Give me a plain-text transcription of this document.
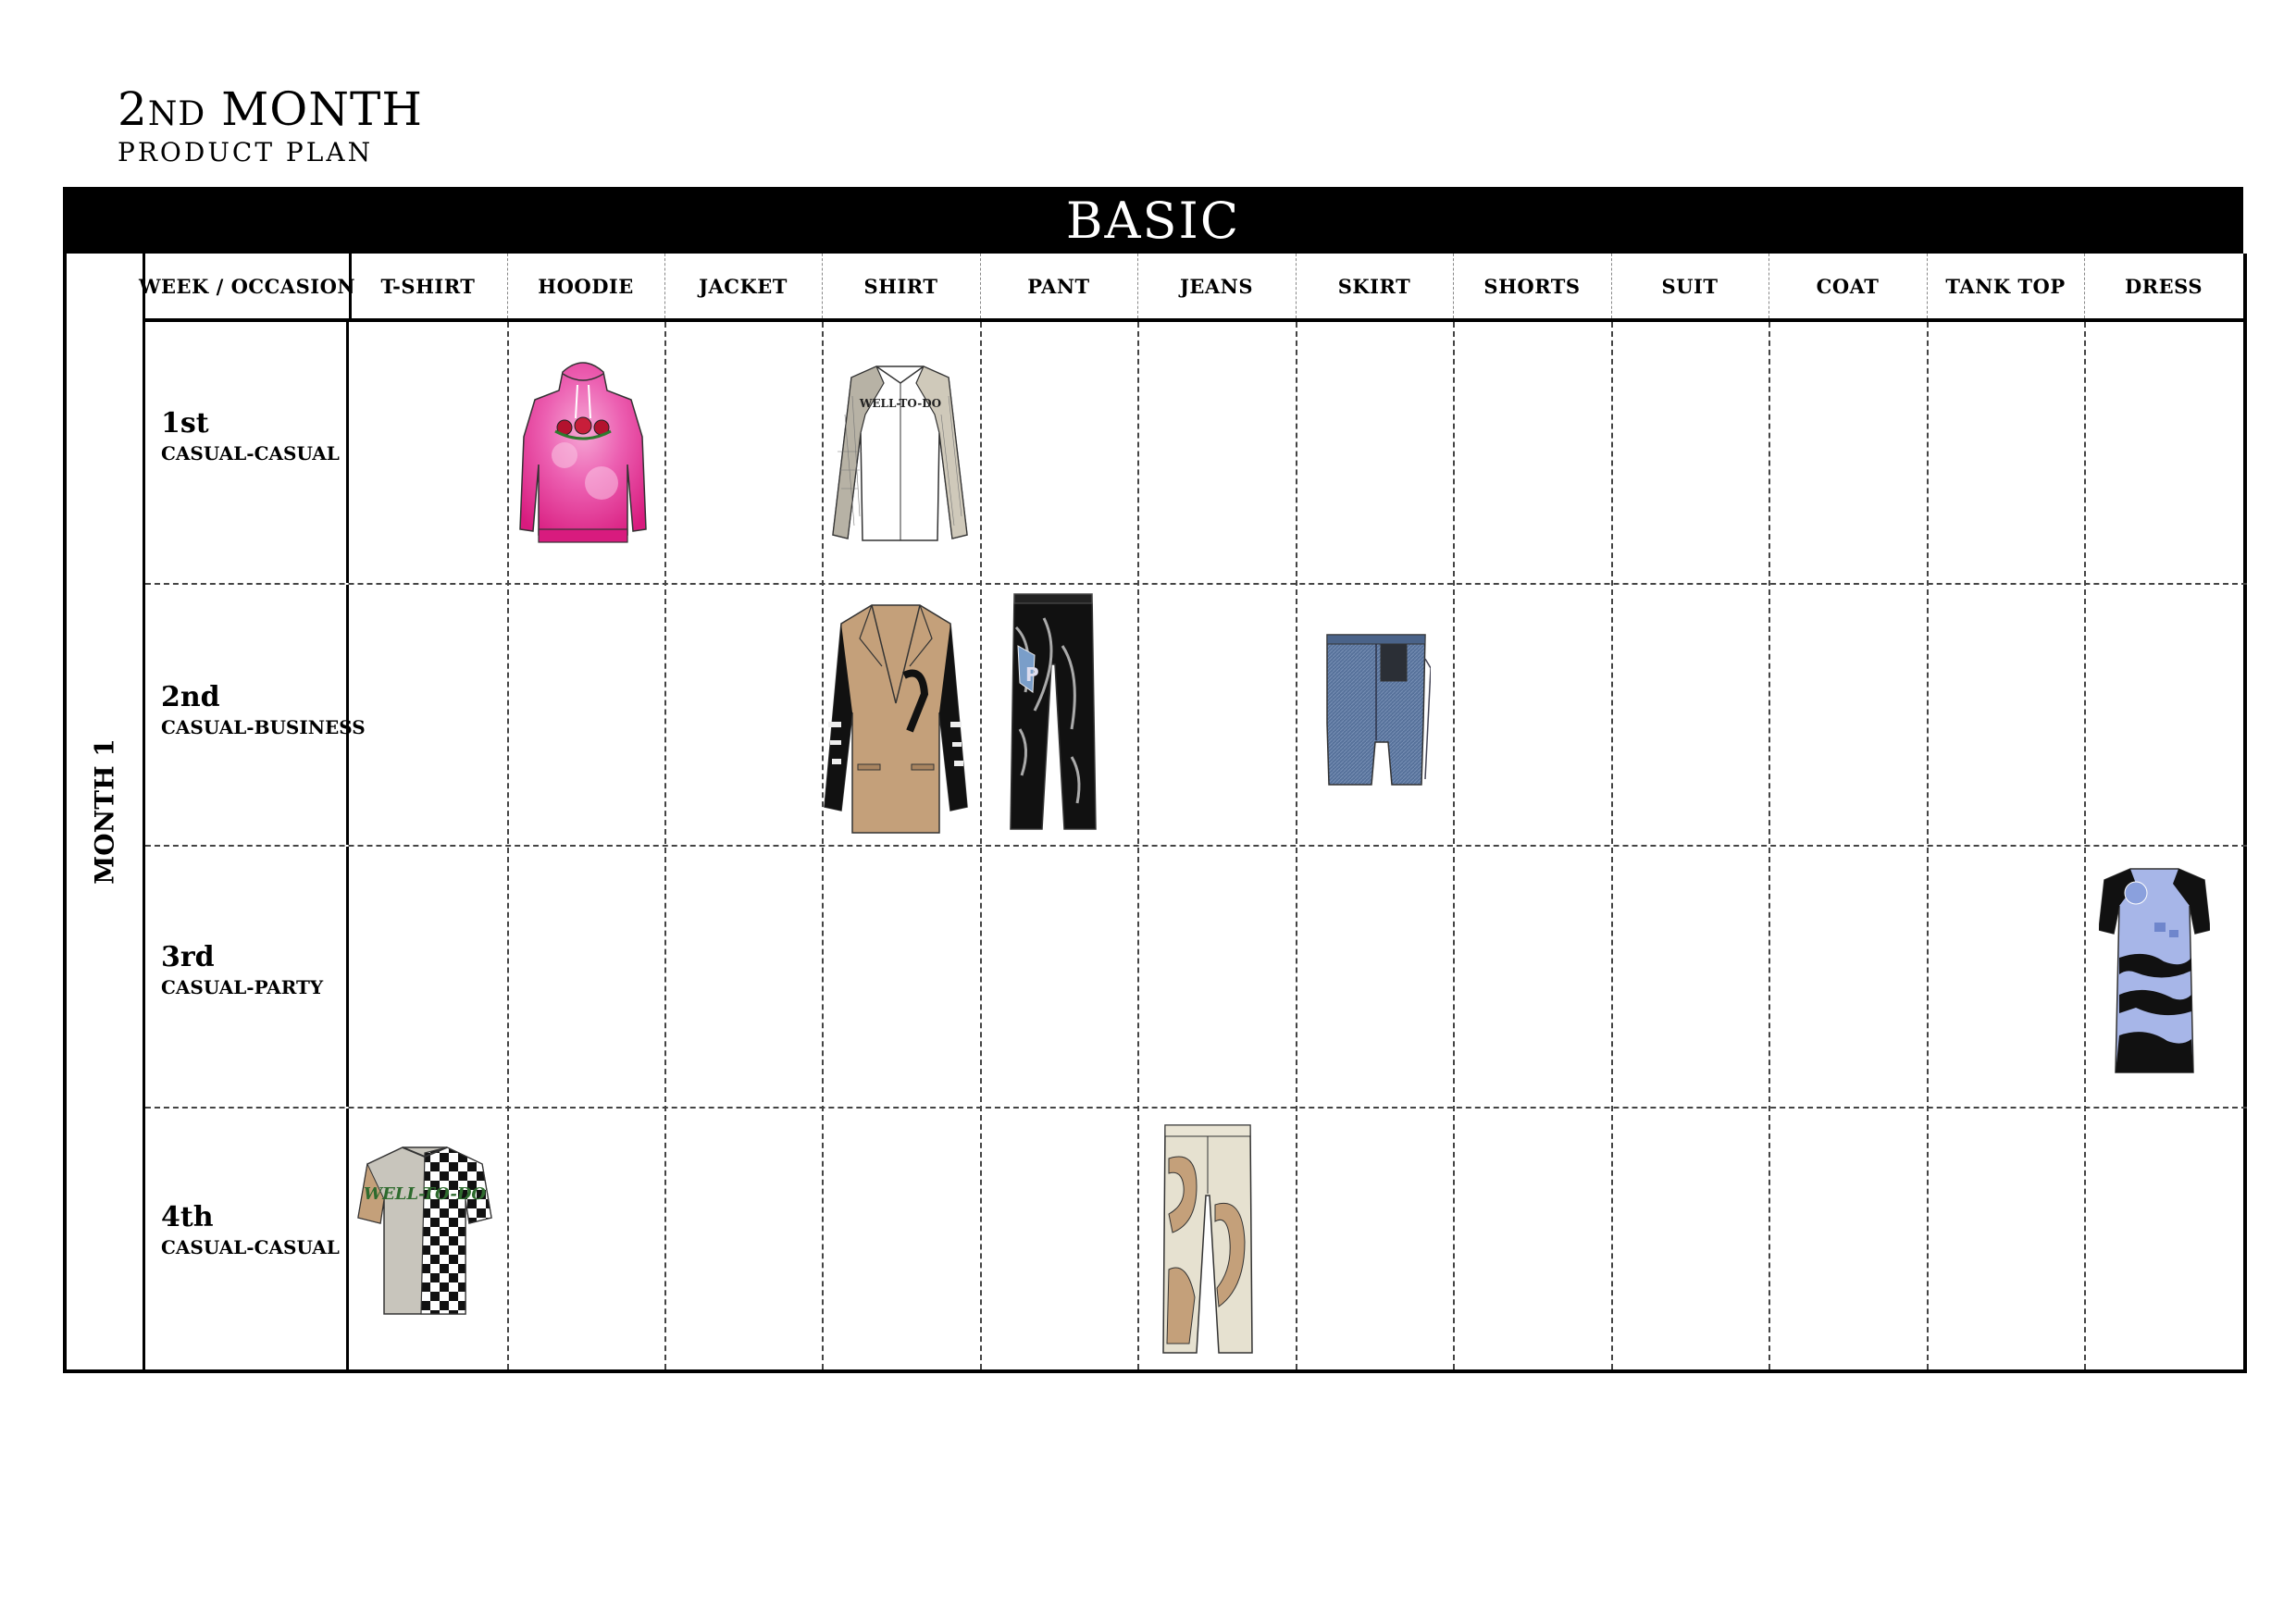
2ND MONTH
PRODUCT PLAN
BASIC
MONTH 1
WEEK / OCCASION	T-SHIRT	HOODIE	JACKET	SHIRT	PANT	JEANS	SKIRT	SHORTS	SUIT	COAT	TANK TOP	DRESS
1st
CASUAL-CASUAL
2nd
CASUAL-BUSINESS
3rd
CASUAL-PARTY
4th
CASUAL-CASUAL
WELL-TO-DO
P
WELL-TO-DO
